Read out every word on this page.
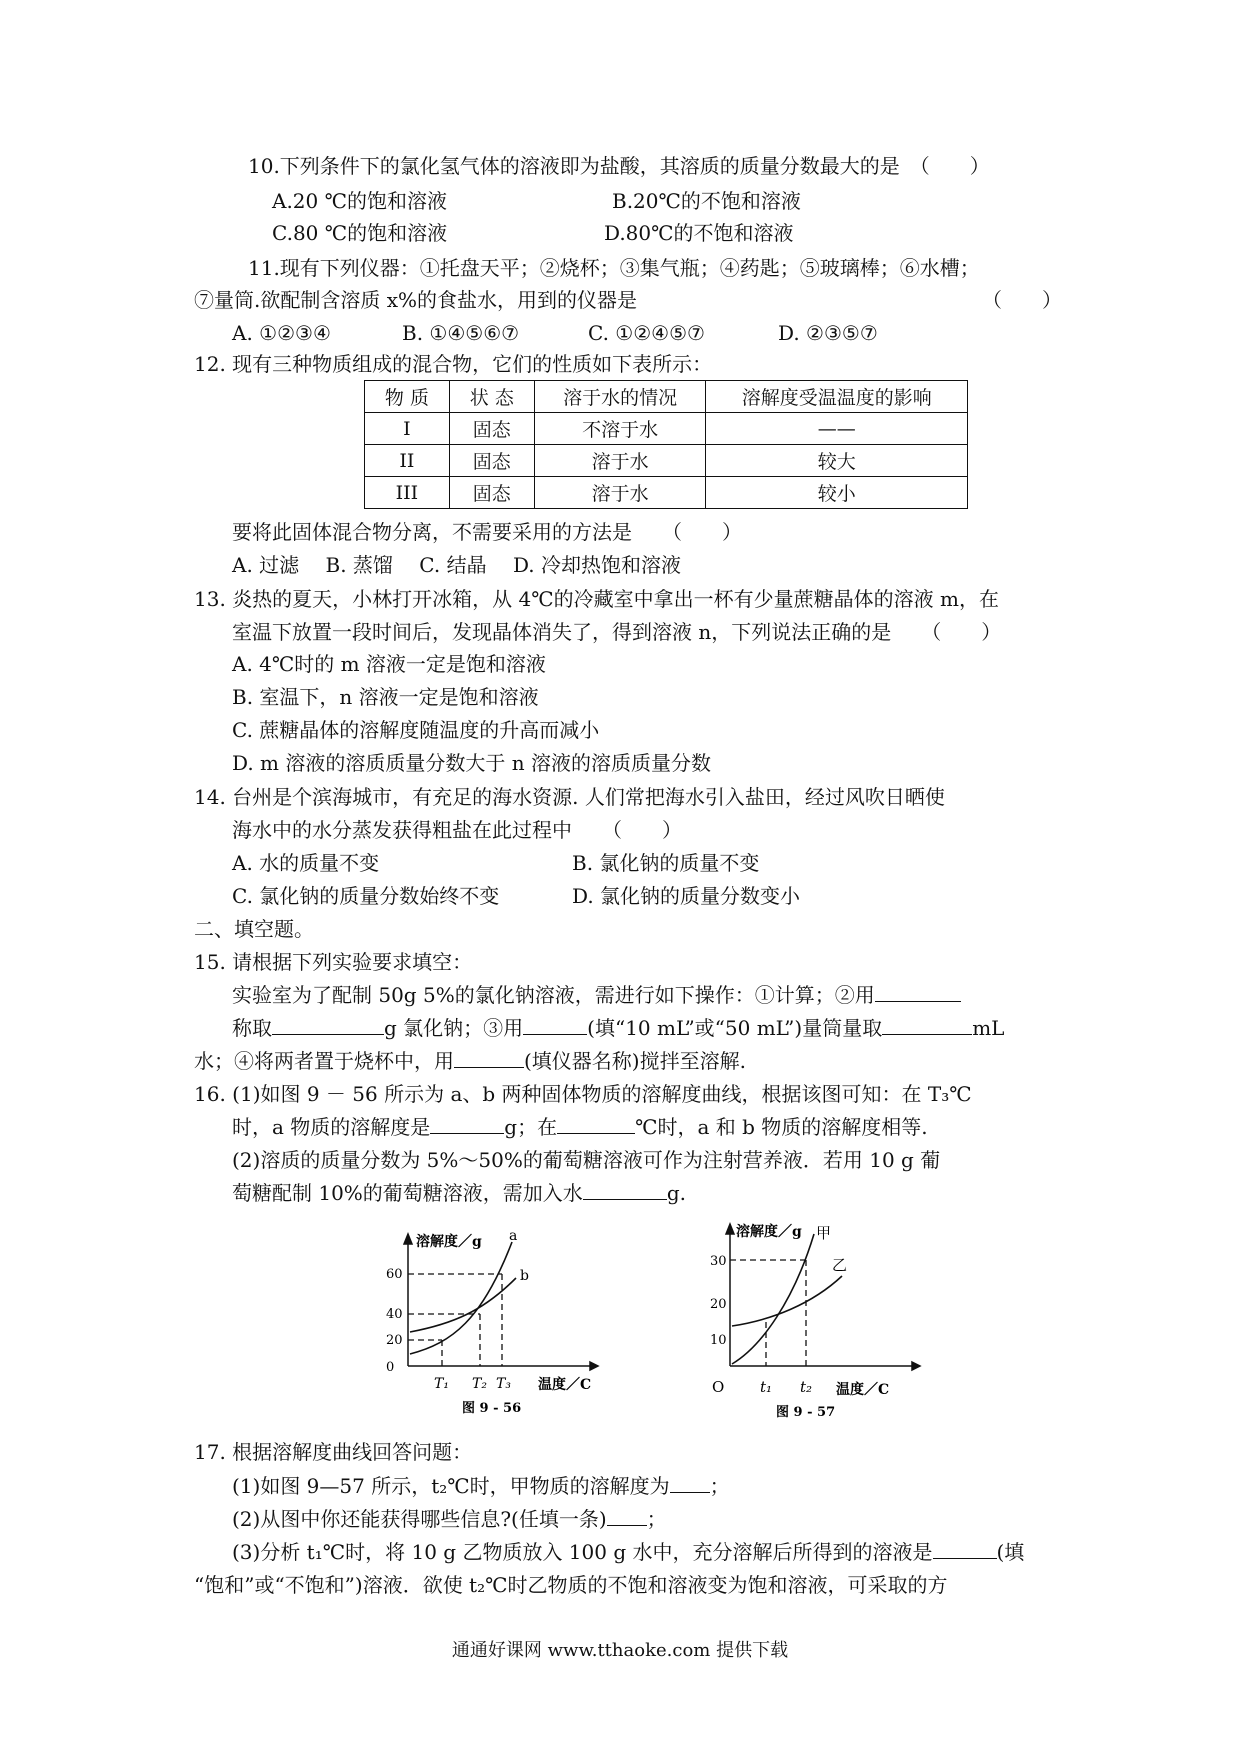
10.下列条件下的氯化氢气体的溶液即为盐酸，其溶质的质量分数最大的是　（　　）
A.20 ℃的饱和溶液	B.20℃的不饱和溶液
C.80 ℃的饱和溶液	D.80℃的不饱和溶液
11.现有下列仪器：①托盘天平；②烧杯；③集气瓶；④药匙；⑤玻璃棒；⑥水槽；
⑦量筒.欲配制含溶质 x%的食盐水，用到的仪器是	（　　）
A. ①②③④	B. ①④⑤⑥⑦	C. ①②④⑤⑦	D. ②③⑤⑦
12. 现有三种物质组成的混合物，它们的性质如下表所示：
物 质	状 态	溶于水的情况	溶解度受温温度的影响
I	固态	不溶于水	——
II	固态	溶于水	较大
III	固态	溶于水	较小
要将此固体混合物分离，不需要采用的方法是　　（　　）
A. 过滤　 B. 蒸馏　 C. 结晶　 D. 冷却热饱和溶液
13. 炎热的夏天，小林打开冰箱，从 4℃的冷藏室中拿出一杯有少量蔗糖晶体的溶液 m，在
室温下放置一段时间后，发现晶体消失了，得到溶液 n，下列说法正确的是　　（　　）
A. 4℃时的 m 溶液一定是饱和溶液
B. 室温下，n 溶液一定是饱和溶液
C. 蔗糖晶体的溶解度随温度的升高而减小
D. m 溶液的溶质质量分数大于 n 溶液的溶质质量分数
14. 台州是个滨海城市，有充足的海水资源. 人们常把海水引入盐田，经过风吹日晒使
海水中的水分蒸发获得粗盐在此过程中　　（　　）
A. 水的质量不变	B. 氯化钠的质量不变
C. 氯化钠的质量分数始终不变	D. 氯化钠的质量分数变小
二、填空题。
15. 请根据下列实验要求填空：
实验室为了配制 50g 5%的氯化钠溶液，需进行如下操作：①计算；②用
称取	g 氯化钠；③用	(填“10 mL”或“50 mL”)量筒量取	mL
水；④将两者置于烧杯中，用	(填仪器名称)搅拌至溶解.
16. (1)如图 9 － 56 所示为 a、b 两种固体物质的溶解度曲线，根据该图可知：在 T₃℃
时，a 物质的溶解度是	g；在	℃时，a 和 b 物质的溶解度相等.
(2)溶质的质量分数为 5%～50%的葡萄糖溶液可作为注射营养液．若用 10 g 葡
萄糖配制 10%的葡萄糖溶液，需加入水	g.
0
20
40
60
溶解度／g a
b
T₁ T₂ T₃ 温度／C
图 9 - 56
10
20
30
溶解度／g 甲
乙
O t₁ t₂ 温度／C
图 9 - 57
17. 根据溶解度曲线回答问题：
(1)如图 9—57 所示，t₂℃时，甲物质的溶解度为 ；
(2)从图中你还能获得哪些信息?(任填一条) ；
(3)分析 t₁℃时，将 10 g 乙物质放入 100 g 水中，充分溶解后所得到的溶液是	(填
“饱和”或“不饱和”)溶液．欲使 t₂℃时乙物质的不饱和溶液变为饱和溶液，可采取的方
通通好课网 www.tthaoke.com 提供下载
